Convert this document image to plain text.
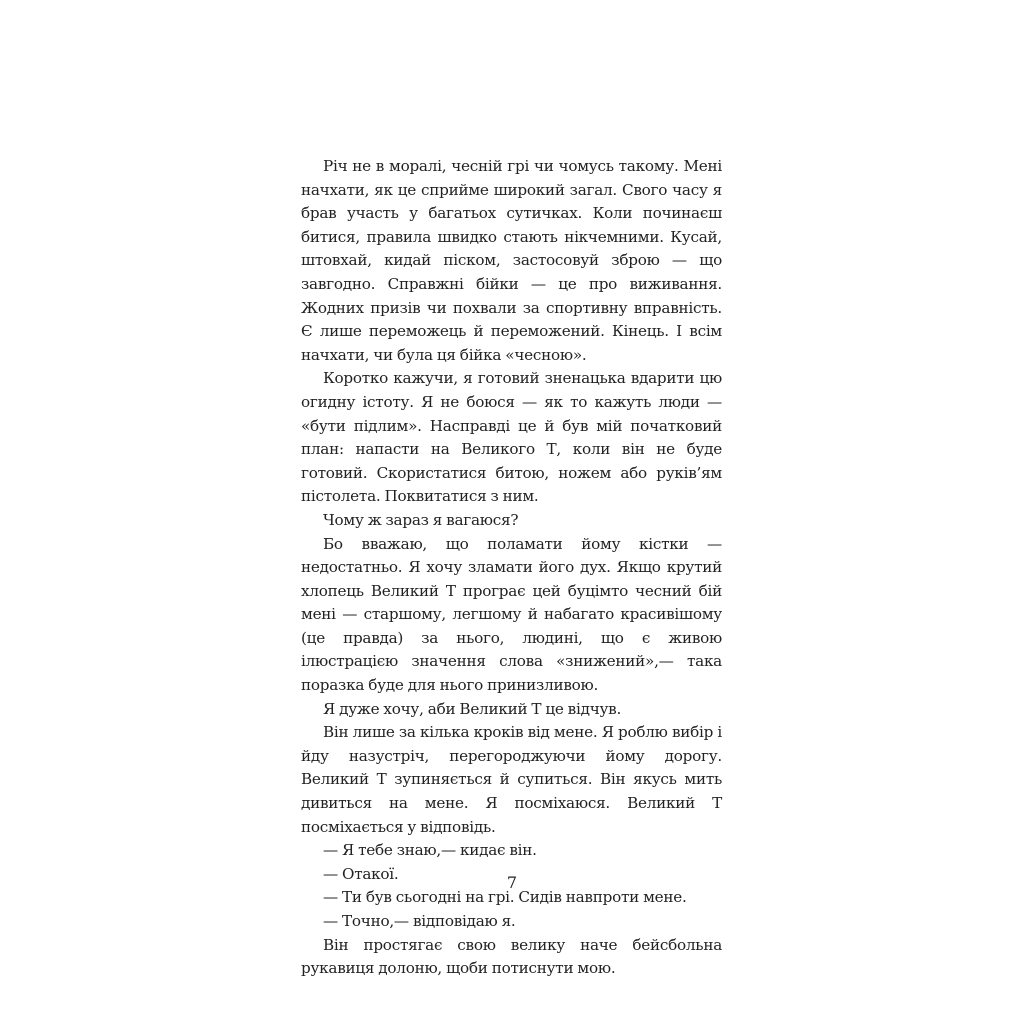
Річ не в моралі, чесній грі чи чомусь такому. Мені начхати, як це сприйме широкий загал. Свого часу я брав участь у багатьох сутичках. Коли починаєш битися, правила швидко стають нікчемними. Кусай, штовхай, кидай піском, застосовуй зброю — що завгодно. Справжні бійки — це про виживання. Жодних призів чи похвали за спортивну вправність. Є лише переможець й переможений. Кінець. І всім начхати, чи була ця бійка «чесною».

Коротко кажучи, я готовий зненацька вдарити цю огидну істоту. Я не боюся — як то кажуть люди — «бути підлим». Насправді це й був мій початковий план: напасти на Великого Т, коли він не буде готовий. Скористатися битою, ножем або руків’ям пістолета. Поквитатися з ним.

Чому ж зараз я вагаюся?

Бо вважаю, що поламати йому кістки — недостатньо. Я хочу зламати його дух. Якщо крутий хлопець Великий Т програє цей буцімто чесний бій мені — старшому, легшому й набагато красивішому (це правда) за нього, людині, що є живою ілюстрацією значення слова «знижений»,— така поразка буде для нього принизливою.

Я дуже хочу, аби Великий Т це відчув.

Він лише за кілька кроків від мене. Я роблю вибір і йду назустріч, перегороджуючи йому дорогу. Великий Т зупиняється й супиться. Він якусь мить дивиться на мене. Я посміхаюся. Великий Т посміхається у відповідь.

— Я тебе знаю,— кидає він.

— Отакої.

— Ти був сьогодні на грі. Сидів навпроти мене.

— Точно,— відповідаю я.

Він простягає свою велику наче бейсбольна рукавиця долоню, щоби потиснути мою.

7
